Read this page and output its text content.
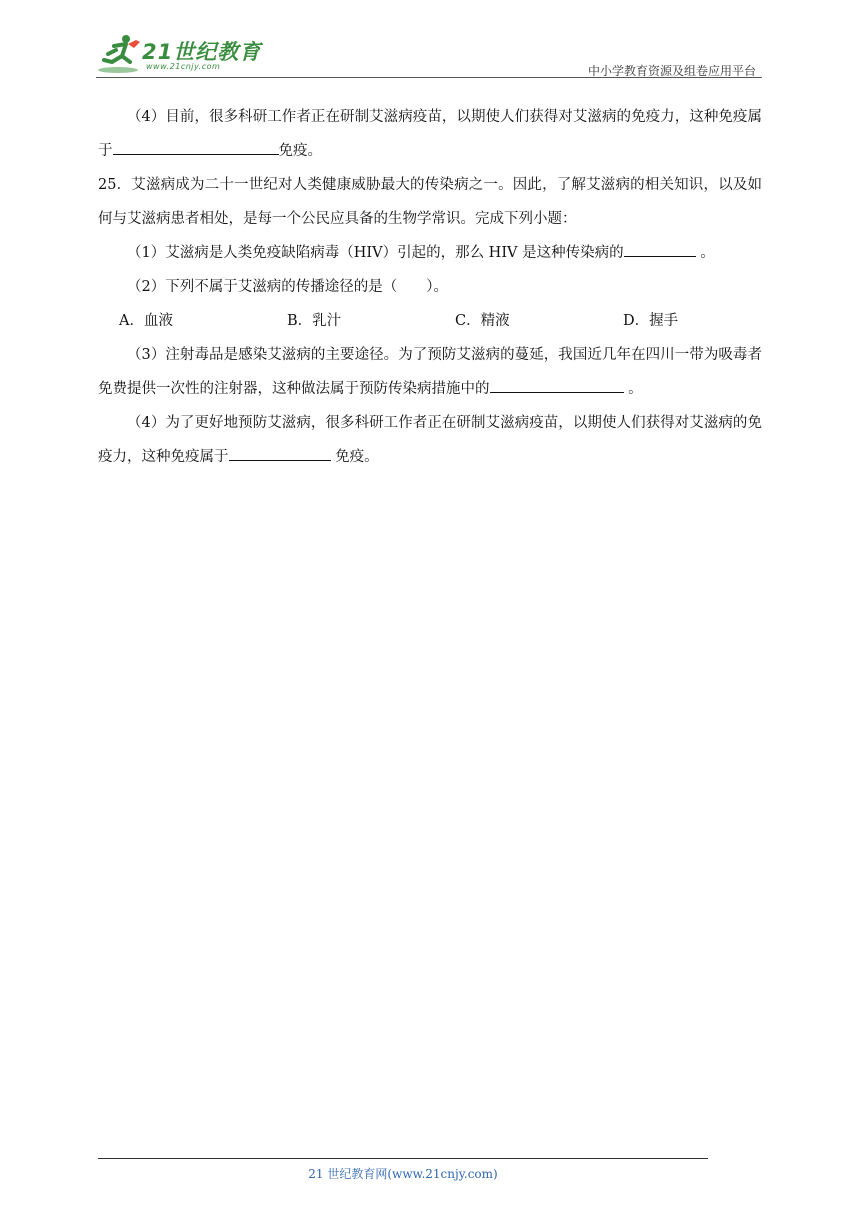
21世纪教育
www.21cnjy.com	中小学教育资源及组卷应用平台

（4）目前，很多科研工作者正在研制艾滋病疫苗，以期使人们获得对艾滋病的免疫力，这种免疫属于	免疫。

25．艾滋病成为二十一世纪对人类健康威胁最大的传染病之一。因此，了解艾滋病的相关知识，以及如何与艾滋病患者相处，是每一个公民应具备的生物学常识。完成下列小题：

（1）艾滋病是人类免疫缺陷病毒（HIV）引起的，那么 HIV 是这种传染病的	。

（2）下列不属于艾滋病的传播途径的是（　　）。

A．血液	B．乳汁	C．精液	D．握手

（3）注射毒品是感染艾滋病的主要途径。为了预防艾滋病的蔓延，我国近几年在四川一带为吸毒者免费提供一次性的注射器，这种做法属于预防传染病措施中的	。

（4）为了更好地预防艾滋病，很多科研工作者正在研制艾滋病疫苗，以期使人们获得对艾滋病的免疫力，这种免疫属于	免疫。

21 世纪教育网(www.21cnjy.com)
